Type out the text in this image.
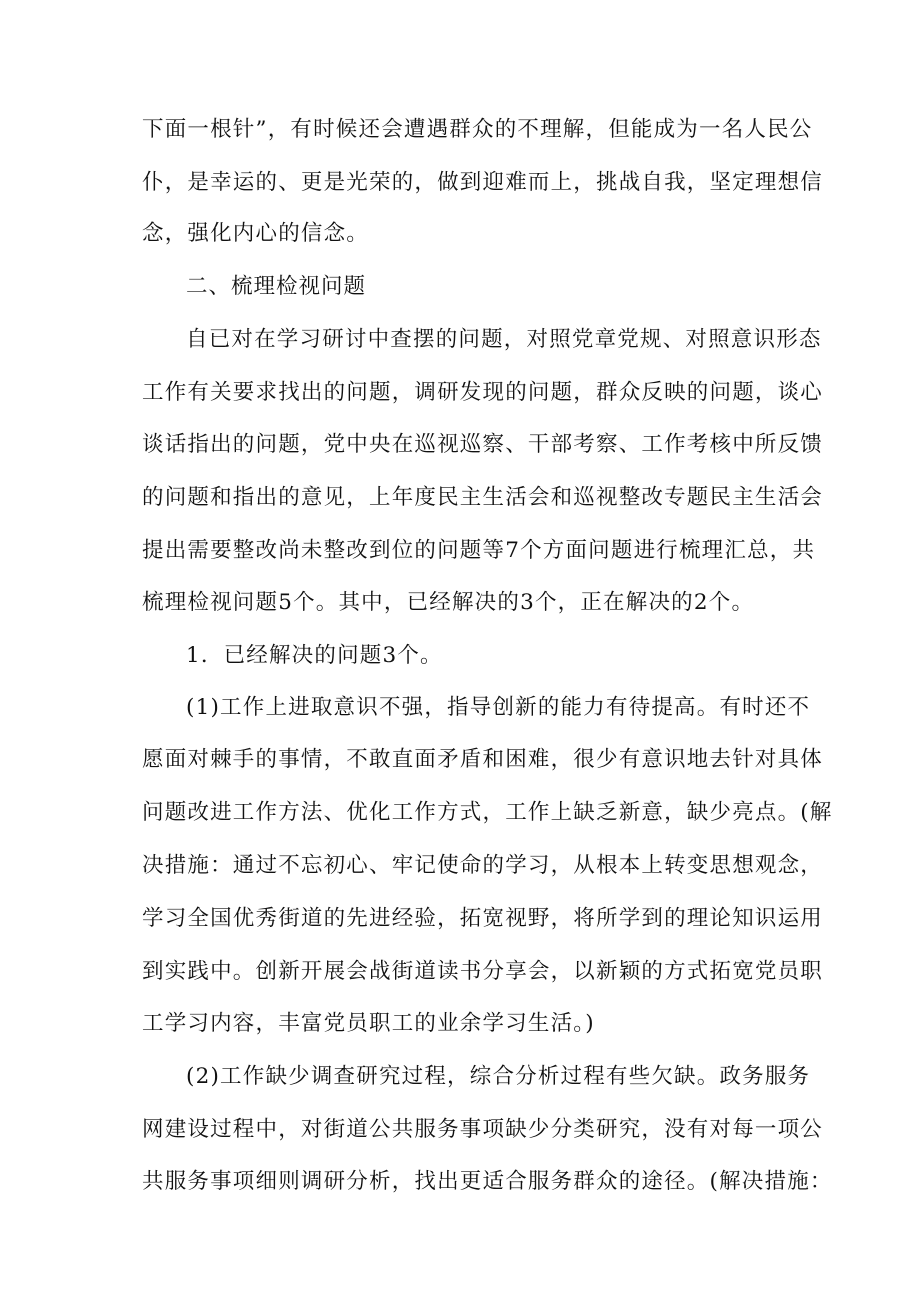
下面一根针”，有时候还会遭遇群众的不理解，但能成为一名人民公

仆，是幸运的、更是光荣的，做到迎难而上，挑战自我，坚定理想信

念，强化内心的信念。

二、梳理检视问题

自已对在学习研讨中查摆的问题，对照党章党规、对照意识形态

工作有关要求找出的问题，调研发现的问题，群众反映的问题，谈心

谈话指出的问题，党中央在巡视巡察、干部考察、工作考核中所反馈

的问题和指出的意见，上年度民主生活会和巡视整改专题民主生活会

提出需要整改尚未整改到位的问题等7个方面问题进行梳理汇总，共

梳理检视问题5个。其中，已经解决的3个，正在解决的2个。

1．已经解决的问题3个。

(1)工作上进取意识不强，指导创新的能力有待提高。有时还不

愿面对棘手的事情，不敢直面矛盾和困难，很少有意识地去针对具体

问题改进工作方法、优化工作方式，工作上缺乏新意，缺少亮点。(解

决措施：通过不忘初心、牢记使命的学习，从根本上转变思想观念，

学习全国优秀街道的先进经验，拓宽视野，将所学到的理论知识运用

到实践中。创新开展会战街道读书分享会，以新颖的方式拓宽党员职

工学习内容，丰富党员职工的业余学习生活。)

(2)工作缺少调查研究过程，综合分析过程有些欠缺。政务服务

网建设过程中，对街道公共服务事项缺少分类研究，没有对每一项公

共服务事项细则调研分析，找出更适合服务群众的途径。(解决措施：
